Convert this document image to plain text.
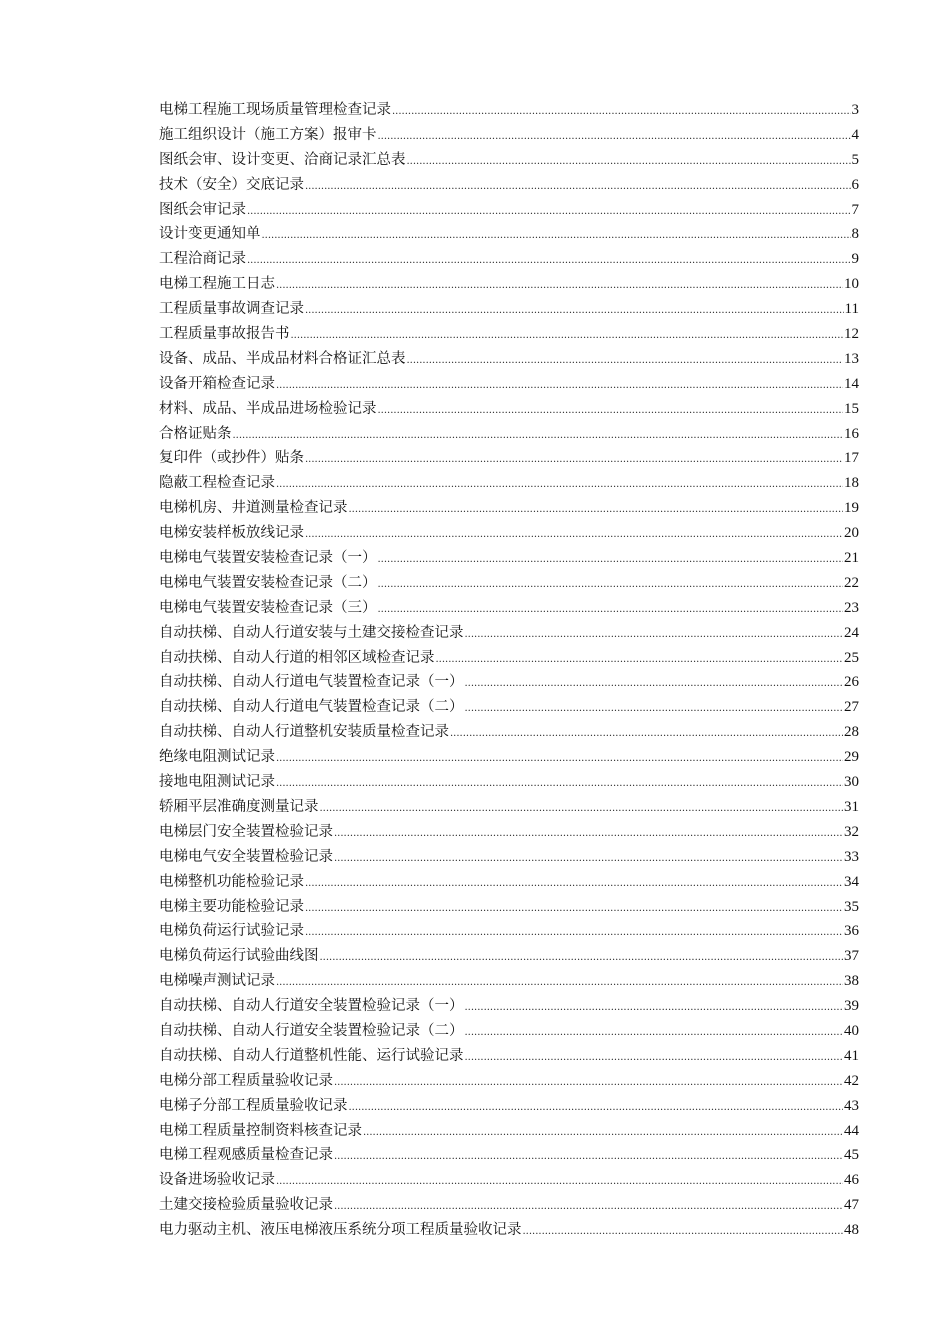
电梯工程施工现场质量管理检查记录 .....	3
施工组织设计（施工方案）报审卡 .....	4
图纸会审、设计变更、洽商记录汇总表 .....	5
技术（安全）交底记录 .....	6
图纸会审记录 .....	7
设计变更通知单 .....	8
工程洽商记录 .....	9
电梯工程施工日志 .....	10
工程质量事故调查记录 .....	11
工程质量事故报告书 .....	12
设备、成品、半成品材料合格证汇总表 .....	13
设备开箱检查记录 .....	14
材料、成品、半成品进场检验记录 .....	15
合格证贴条 .....	16
复印件（或抄件）贴条 .....	17
隐蔽工程检查记录 .....	18
电梯机房、井道测量检查记录 .....	19
电梯安装样板放线记录 .....	20
电梯电气装置安装检查记录（一） .....	21
电梯电气装置安装检查记录（二） .....	22
电梯电气装置安装检查记录（三） .....	23
自动扶梯、自动人行道安装与土建交接检查记录 .....	24
自动扶梯、自动人行道的相邻区域检查记录 .....	25
自动扶梯、自动人行道电气装置检查记录（一） .....	26
自动扶梯、自动人行道电气装置检查记录（二） .....	27
自动扶梯、自动人行道整机安装质量检查记录 .....	28
绝缘电阻测试记录 .....	29
接地电阻测试记录 .....	30
轿厢平层准确度测量记录 .....	31
电梯层门安全装置检验记录 .....	32
电梯电气安全装置检验记录 .....	33
电梯整机功能检验记录 .....	34
电梯主要功能检验记录 .....	35
电梯负荷运行试验记录 .....	36
电梯负荷运行试验曲线图 .....	37
电梯噪声测试记录 .....	38
自动扶梯、自动人行道安全装置检验记录（一） .....	39
自动扶梯、自动人行道安全装置检验记录（二） .....	40
自动扶梯、自动人行道整机性能、运行试验记录 .....	41
电梯分部工程质量验收记录 .....	42
电梯子分部工程质量验收记录 .....	43
电梯工程质量控制资料核查记录 .....	44
电梯工程观感质量检查记录 .....	45
设备进场验收记录 .....	46
土建交接检验质量验收记录 .....	47
电力驱动主机、液压电梯液压系统分项工程质量验收记录 .....	48
